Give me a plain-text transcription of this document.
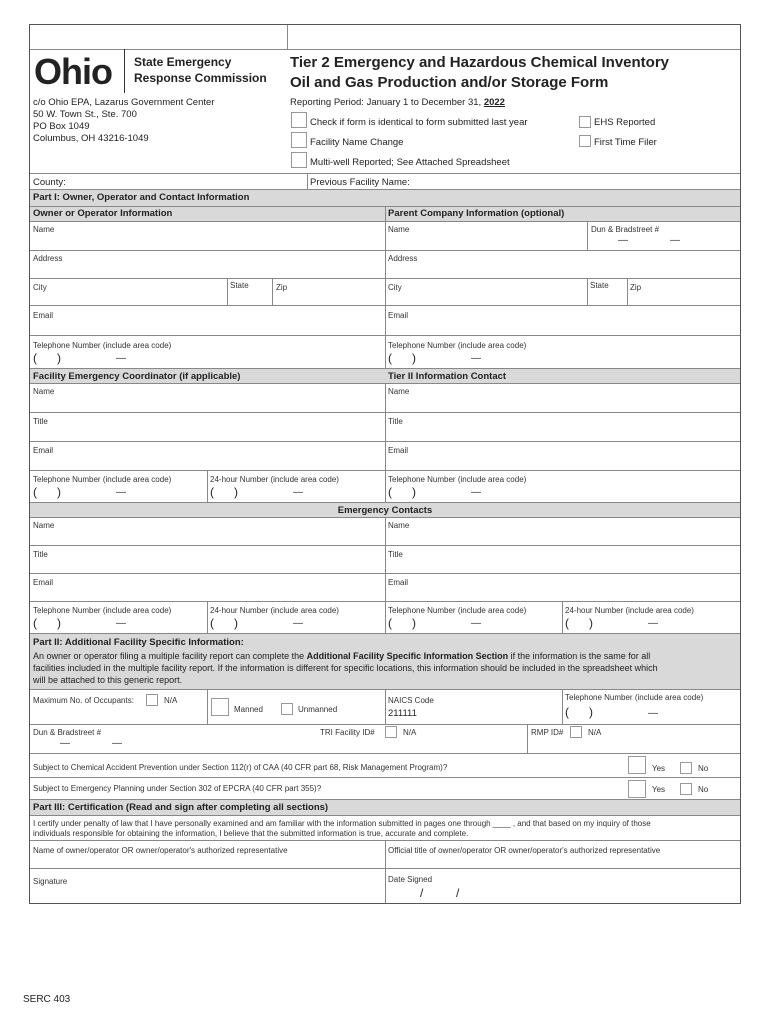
Ohio State Emergency
Response Commission
Tier 2 Emergency and Hazardous Chemical Inventory
Oil and Gas Production and/or Storage Form
c/o Ohio EPA, Lazarus Government Center
50 W. Town St., Ste. 700
PO Box 1049
Columbus, OH 43216-1049
Reporting Period: January 1 to December 31, 2022
Check if form is identical to form submitted last year	EHS Reported
Facility Name Change	First Time Filer
Multi-well Reported; See Attached Spreadsheet
County:	Previous Facility Name:
Part I: Owner, Operator and Contact Information
Owner or Operator Information	Parent Company Information (optional)
Name	Name	Dun & Bradstreet #
—	—
Address	Address
City	State	Zip	City	State	Zip
Email	Email
Telephone Number (include area code)
(      )	—
Telephone Number (include area code)
(      )	—
Facility Emergency Coordinator (if applicable)	Tier II Information Contact
Name	Name
Title	Title
Email	Email
Telephone Number (include area code)
(      )	—
24-hour Number (include area code)
(      )	—
Telephone Number (include area code)
(      )	—
Emergency Contacts
Name	Name
Title	Title
Email	Email
Telephone Number (include area code)
(      )	—
24-hour Number (include area code)
(      )	—
Telephone Number (include area code)
(      )	—
24-hour Number (include area code)
(      )	—
Part II: Additional Facility Specific Information:
An owner or operator filing a multiple facility report can complete the Additional Facility Specific Information Section if the information is the same for all
facilities included in the multiple facility report. If the information is different for specific locations, this information should be included in the spreadsheet which
will be attached to this generic report.
Maximum No. of Occupants:	N/A
Manned	Unmanned
NAICS Code
211111
Telephone Number (include area code)
(      )	—
Dun & Bradstreet #
—	—
TRI Facility ID#	N/A	RMP ID#	N/A
Subject to Chemical Accident Prevention under Section 112(r) of CAA (40 CFR part 68, Risk Management Program)?	Yes	No
Subject to Emergency Planning under Section 302 of EPCRA (40 CFR part 355)?	Yes	No
Part III: Certification (Read and sign after completing all sections)
I certify under penalty of law that I have personally examined and am familiar with the information submitted in pages one through ____ , and that based on my inquiry of those
individuals responsible for obtaining the information, I believe that the submitted information is true, accurate and complete.
Name of owner/operator OR owner/operator's authorized representative	Official title of owner/operator OR owner/operator's authorized representative
Signature	Date Signed
/	/
SERC 403
